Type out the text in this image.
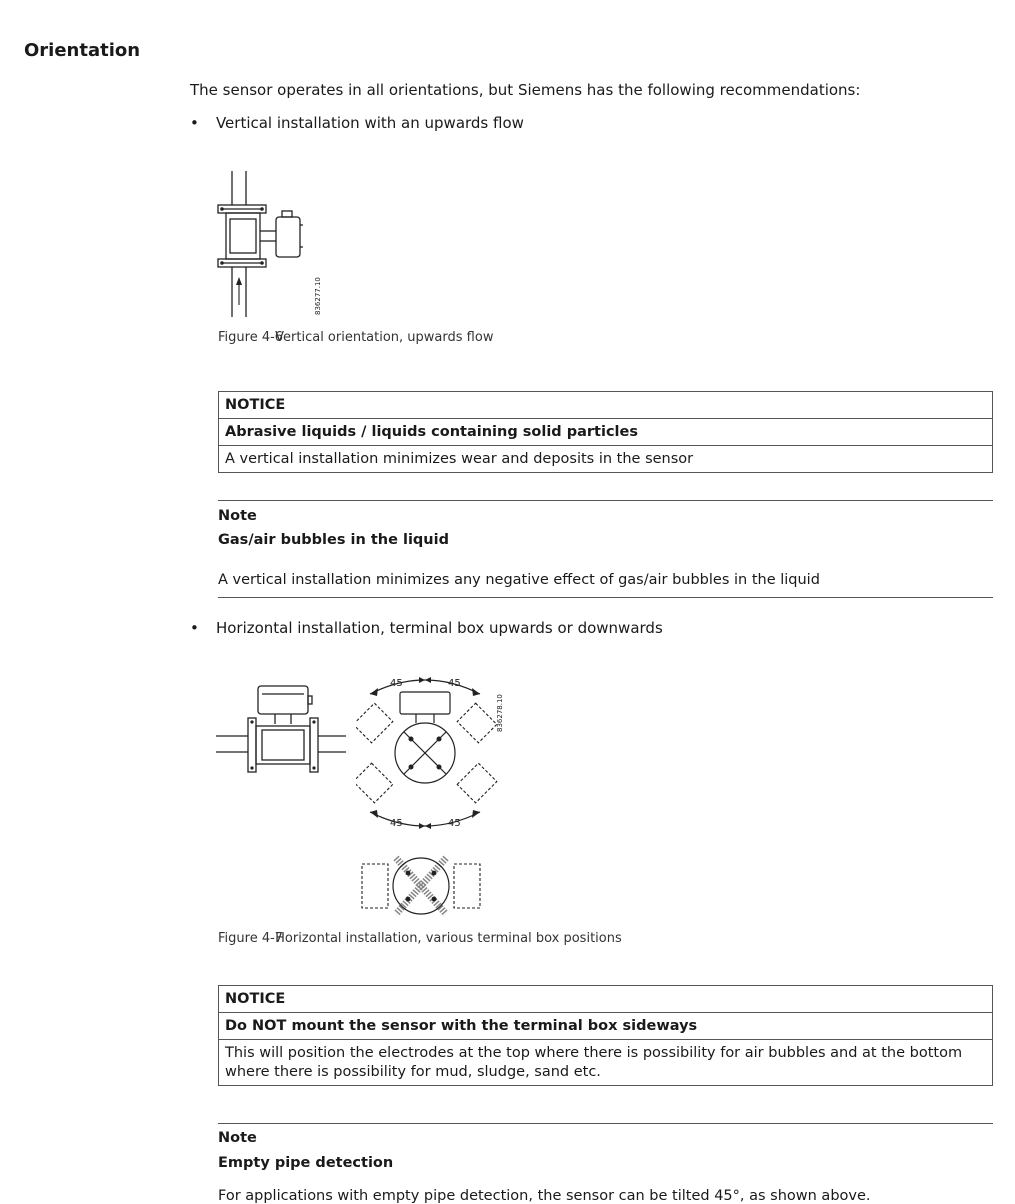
Orientation
The sensor operates in all orientations, but Siemens has the following recommendations:
• Vertical installation with an upwards flow
836277.10
Figure 4-6 Vertical orientation, upwards flow
NOTICE
Abrasive liquids / liquids containing solid particles
A vertical installation minimizes wear and deposits in the sensor
Note
Gas/air bubbles in the liquid
A vertical installation minimizes any negative effect of gas/air bubbles in the liquid
• Horizontal installation, terminal box upwards or downwards
45	45
45	45
836278.10
Figure 4-7 Horizontal installation, various terminal box positions
NOTICE
Do NOT mount the sensor with the terminal box sideways
This will position the electrodes at the top where there is possibility for air bubbles and at the bottom where there is possibility for mud, sludge, sand etc.
Note
Empty pipe detection
For applications with empty pipe detection, the sensor can be tilted 45°, as shown above.
